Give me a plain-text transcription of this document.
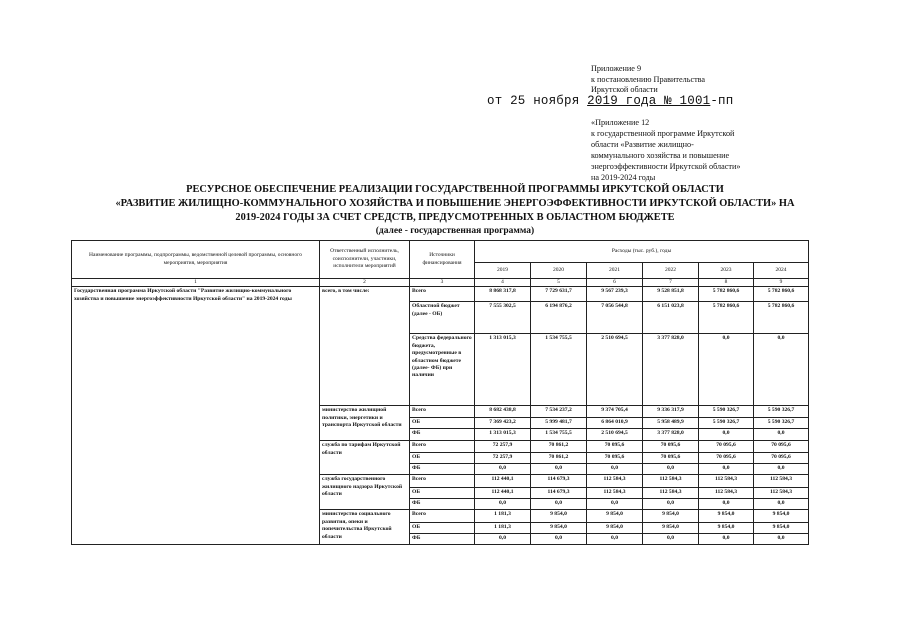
Приложение 9
к постановлению Правительства
Иркутской области
от 25 ноября 2019 года № 1001-пп
«Приложение 12
к государственной программе Иркутской
области «Развитие жилищно-
коммунального хозяйства и повышение
энергоэффективности Иркутской области»
на 2019-2024 годы
РЕСУРСНОЕ ОБЕСПЕЧЕНИЕ РЕАЛИЗАЦИИ ГОСУДАРСТВЕННОЙ ПРОГРАММЫ ИРКУТСКОЙ ОБЛАСТИ
«РАЗВИТИЕ ЖИЛИЩНО-КОММУНАЛЬНОГО ХОЗЯЙСТВА И ПОВЫШЕНИЕ ЭНЕРГОЭФФЕКТИВНОСТИ ИРКУТСКОЙ ОБЛАСТИ» НА
2019-2024 ГОДЫ ЗА СЧЕТ СРЕДСТВ, ПРЕДУСМОТРЕННЫХ В ОБЛАСТНОМ БЮДЖЕТЕ
(далее - государственная программа)
Наименование программы, подпрограммы, ведомственной целевой программы, основного мероприятия, мероприятия	Ответственный исполнитель, соисполнители, участники, исполнители мероприятий	Источники финансирования	Расходы (тыс. руб.), годы					
			2019	2020	2021	2022	2023	2024
1	2	3	4	5	6	7	8	9
Государственная программа Иркутской области "Развитие жилищно-коммунального хозяйства и повышение энергоэффективности Иркутской области" на 2019-2024 годы	всего, в том числе:	Всего	8 868 317,8	7 729 631,7	9 567 239,3	9 528 851,8	5 782 860,6	5 782 860,6
		Областной бюджет (далее - ОБ)	7 555 302,5	6 194 876,2	7 056 544,8	6 151 023,8	5 782 860,6	5 782 860,6
		Средства федерального бюджета, предусмотренные в областном бюджете (далее- ФБ) при наличии	1 313 015,3	1 534 755,5	2 510 694,5	3 377 828,0	0,0	0,0
	министерство жилищной политики, энергетики и транспорта Иркутской области	Всего	8 682 438,8	7 534 237,2	9 374 705,4	9 336 317,9	5 590 326,7	5 590 326,7
		ОБ	7 369 423,2	5 999 481,7	6 864 010,9	5 958 489,9	5 590 326,7	5 590 326,7
		ФБ	1 313 015,3	1 534 755,5	2 510 694,5	3 377 828,0	0,0	0,0
	служба по тарифам Иркутской области	Всего	72 257,9	70 861,2	70 095,6	70 095,6	70 095,6	70 095,6
		ОБ	72 257,9	70 861,2	70 095,6	70 095,6	70 095,6	70 095,6
		ФБ	0,0	0,0	0,0	0,0	0,0	0,0
	служба государственного жилищного надзора Иркутской области	Всего	112 440,1	114 679,3	112 584,3	112 584,3	112 584,3	112 584,3
		ОБ	112 440,1	114 679,3	112 584,3	112 584,3	112 584,3	112 584,3
		ФБ	0,0	0,0	0,0	0,0	0,0	0,0
	министерство социального развития, опеки и попечительства Иркутской области	Всего	1 181,3	9 854,0	9 854,0	9 854,0	9 854,0	9 854,0
		ОБ	1 181,3	9 854,0	9 854,0	9 854,0	9 854,0	9 854,0
		ФБ	0,0	0,0	0,0	0,0	0,0	0,0
